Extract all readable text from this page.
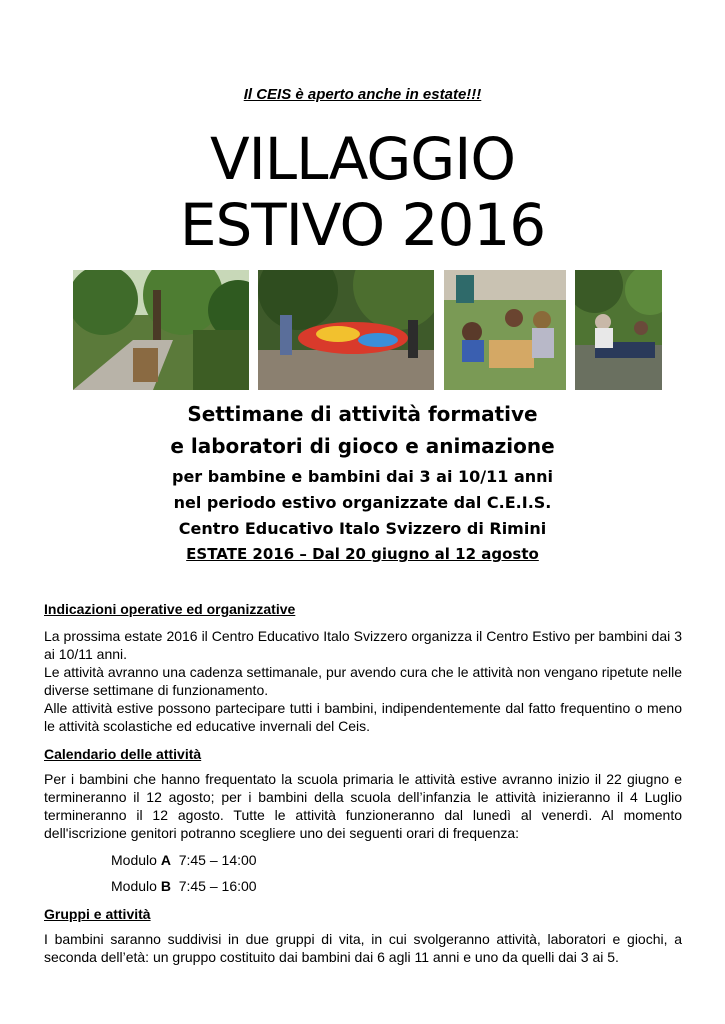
Il CEIS è aperto anche in estate!!!
VILLAGGIO
ESTIVO 2016
Settimane di attività formative
e laboratori di gioco e animazione
per bambine e bambini dai 3 ai 10/11 anni
nel periodo estivo organizzate dal C.E.I.S.
Centro Educativo Italo Svizzero di Rimini
ESTATE 2016 – Dal 20 giugno al 12 agosto
Indicazioni operative ed organizzative

La prossima estate 2016 il Centro Educativo Italo Svizzero organizza il Centro Estivo per bambini dai 3 ai 10/11 anni.

Le attività avranno una cadenza settimanale, pur avendo cura che le attività non vengano ripetute nelle diverse settimane di funzionamento.

Alle attività estive possono partecipare tutti i bambini, indipendentemente dal fatto frequentino o meno le attività scolastiche ed educative invernali del Ceis.

Calendario delle attività

Per i bambini che hanno frequentato la scuola primaria le attività estive avranno inizio il 22 giugno e termineranno il 12 agosto; per i bambini della scuola dell’infanzia le attività inizieranno il 4 Luglio termineranno il 12 agosto. Tutte le attività funzioneranno dal lunedì al venerdì. Al momento dell'iscrizione genitori potranno scegliere uno dei seguenti orari di frequenza:

Modulo A 7:45 – 14:00
Modulo B 7:45 – 16:00
Gruppi e attività

I bambini saranno suddivisi in due gruppi di vita, in cui svolgeranno attività, laboratori e giochi, a seconda dell’età: un gruppo costituito dai bambini dai 6 agli 11 anni e uno da quelli dai 3 ai 5.
